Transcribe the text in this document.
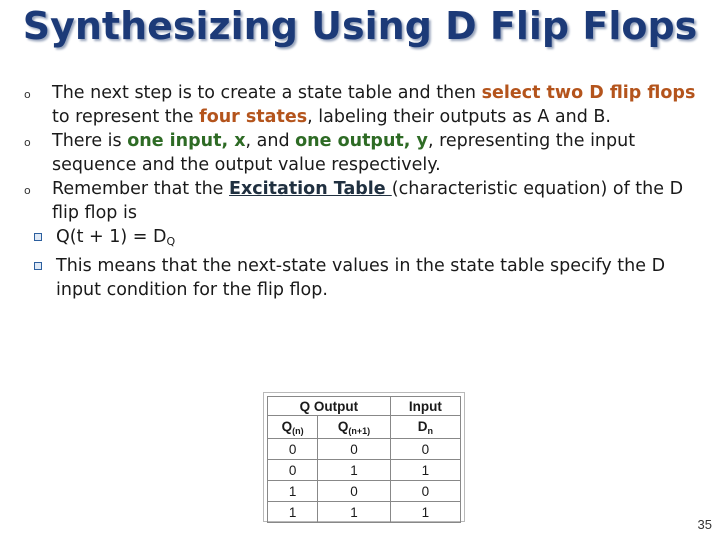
Synthesizing Using D Flip Flops
o The next step is to create a state table and then select two D flip flops to represent the four states, labeling their outputs as A and B.
o There is one input, x, and one output, y, representing the input sequence and the output value respectively.
o Remember that the Excitation Table (characteristic equation) of the D flip flop is
$Q(t + 1) = D_Q$
This means that the next-state values in the state table specify the D input condition for the flip flop.
Q Output		Input
$Q_{(n)}$	$Q_{(n+1)}$	$D_n$
0	0	0
0	1	1
1	0	0
1	1	1
35
